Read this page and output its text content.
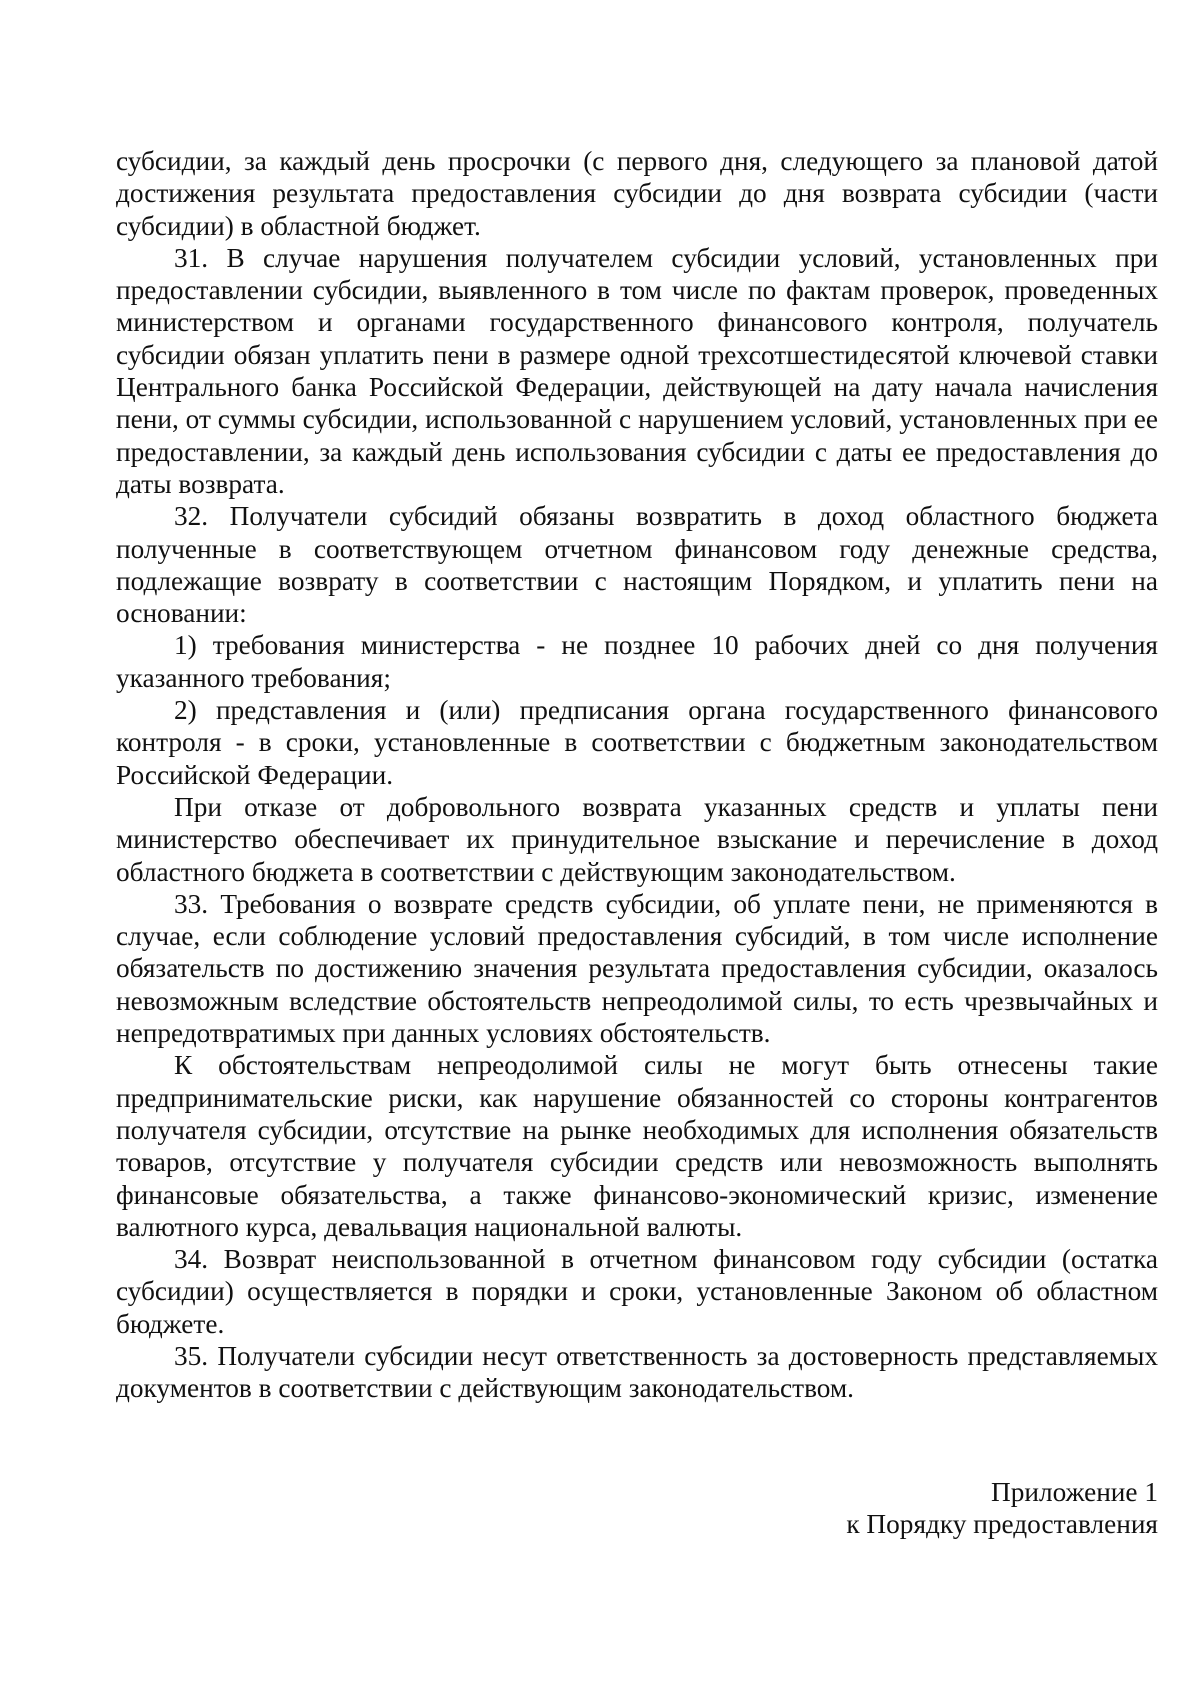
субсидии, за каждый день просрочки (с первого дня, следующего за плановой датой достижения результата предоставления субсидии до дня возврата субсидии (части субсидии) в областной бюджет.

31. В случае нарушения получателем субсидии условий, установленных при предоставлении субсидии, выявленного в том числе по фактам проверок, проведенных министерством и органами государственного финансового контроля, получатель субсидии обязан уплатить пени в размере одной трехсотшестидесятой ключевой ставки Центрального банка Российской Федерации, действующей на дату начала начисления пени, от суммы субсидии, использованной с нарушением условий, установленных при ее предоставлении, за каждый день использования субсидии с даты ее предоставления до даты возврата.

32. Получатели субсидий обязаны возвратить в доход областного бюджета полученные в соответствующем отчетном финансовом году денежные средства, подлежащие возврату в соответствии с настоящим Порядком, и уплатить пени на основании:

1) требования министерства - не позднее 10 рабочих дней со дня получения указанного требования;

2) представления и (или) предписания органа государственного финансового контроля - в сроки, установленные в соответствии с бюджетным законодательством Российской Федерации.

При отказе от добровольного возврата указанных средств и уплаты пени министерство обеспечивает их принудительное взыскание и перечисление в доход областного бюджета в соответствии с действующим законодательством.

33. Требования о возврате средств субсидии, об уплате пени, не применяются в случае, если соблюдение условий предоставления субсидий, в том числе исполнение обязательств по достижению значения результата предоставления субсидии, оказалось невозможным вследствие обстоятельств непреодолимой силы, то есть чрезвычайных и непредотвратимых при данных условиях обстоятельств.

К обстоятельствам непреодолимой силы не могут быть отнесены такие предпринимательские риски, как нарушение обязанностей со стороны контрагентов получателя субсидии, отсутствие на рынке необходимых для исполнения обязательств товаров, отсутствие у получателя субсидии средств или невозможность выполнять финансовые обязательства, а также финансово-экономический кризис, изменение валютного курса, девальвация национальной валюты.

34. Возврат неиспользованной в отчетном финансовом году субсидии (остатка субсидии) осуществляется в порядки и сроки, установленные Законом об областном бюджете.

35. Получатели субсидии несут ответственность за достоверность представляемых документов в соответствии с действующим законодательством.

Приложение 1
к Порядку предоставления
